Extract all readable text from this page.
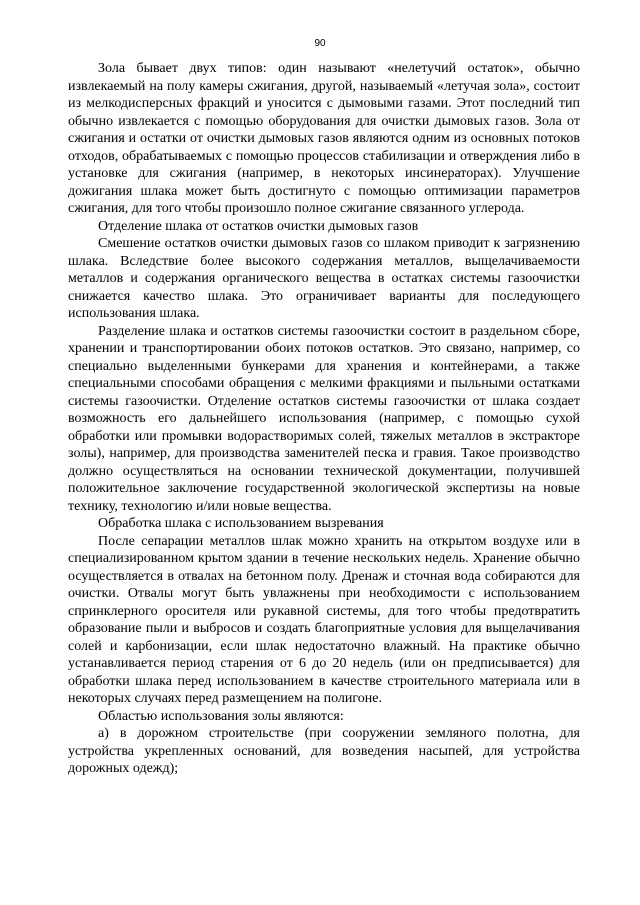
90

Зола бывает двух типов: один называют «нелетучий остаток», обычно извлекаемый на полу камеры сжигания, другой, называемый «летучая зола», состоит из мелкодисперсных фракций и уносится с дымовыми газами. Этот последний тип обычно извлекается с помощью оборудования для очистки дымовых газов. Зола от сжигания и остатки от очистки дымовых газов являются одним из основных потоков отходов, обрабатываемых с помощью процессов стабилизации и отверждения либо в установке для сжигания (например, в некоторых инсинераторах). Улучшение дожигания шлака может быть достигнуто с помощью оптимизации параметров сжигания, для того чтобы произошло полное сжигание связанного углерода.

Отделение шлака от остатков очистки дымовых газов

Смешение остатков очистки дымовых газов со шлаком приводит к загрязнению шлака. Вследствие более высокого содержания металлов, выщелачиваемости металлов и содержания органического вещества в остатках системы газоочистки снижается качество шлака. Это ограничивает варианты для последующего использования шлака.

Разделение шлака и остатков системы газоочистки состоит в раздельном сборе, хранении и транспортировании обоих потоков остатков. Это связано, например, со специально выделенными бункерами для хранения и контейнерами, а также специальными способами обращения с мелкими фракциями и пыльными остатками системы газоочистки. Отделение остатков системы газоочистки от шлака создает возможность его дальнейшего использования (например, с помощью сухой обработки или промывки водорастворимых солей, тяжелых металлов в экстракторе золы), например, для производства заменителей песка и гравия. Такое производство должно осуществляться на основании технической документации, получившей положительное заключение государственной экологической экспертизы на новые технику, технологию и/или новые вещества.

Обработка шлака с использованием вызревания

После сепарации металлов шлак можно хранить на открытом воздухе или в специализированном крытом здании в течение нескольких недель. Хранение обычно осуществляется в отвалах на бетонном полу. Дренаж и сточная вода собираются для очистки. Отвалы могут быть увлажнены при необходимости с использованием спринклерного оросителя или рукавной системы, для того чтобы предотвратить образование пыли и выбросов и создать благоприятные условия для выщелачивания солей и карбонизации, если шлак недостаточно влажный. На практике обычно устанавливается период старения от 6 до 20 недель (или он предписывается) для обработки шлака перед использованием в качестве строительного материала или в некоторых случаях перед размещением на полигоне.

Областью использования золы являются:

а) в дорожном строительстве (при сооружении земляного полотна, для устройства укрепленных оснований, для возведения насыпей, для устройства дорожных одежд);
